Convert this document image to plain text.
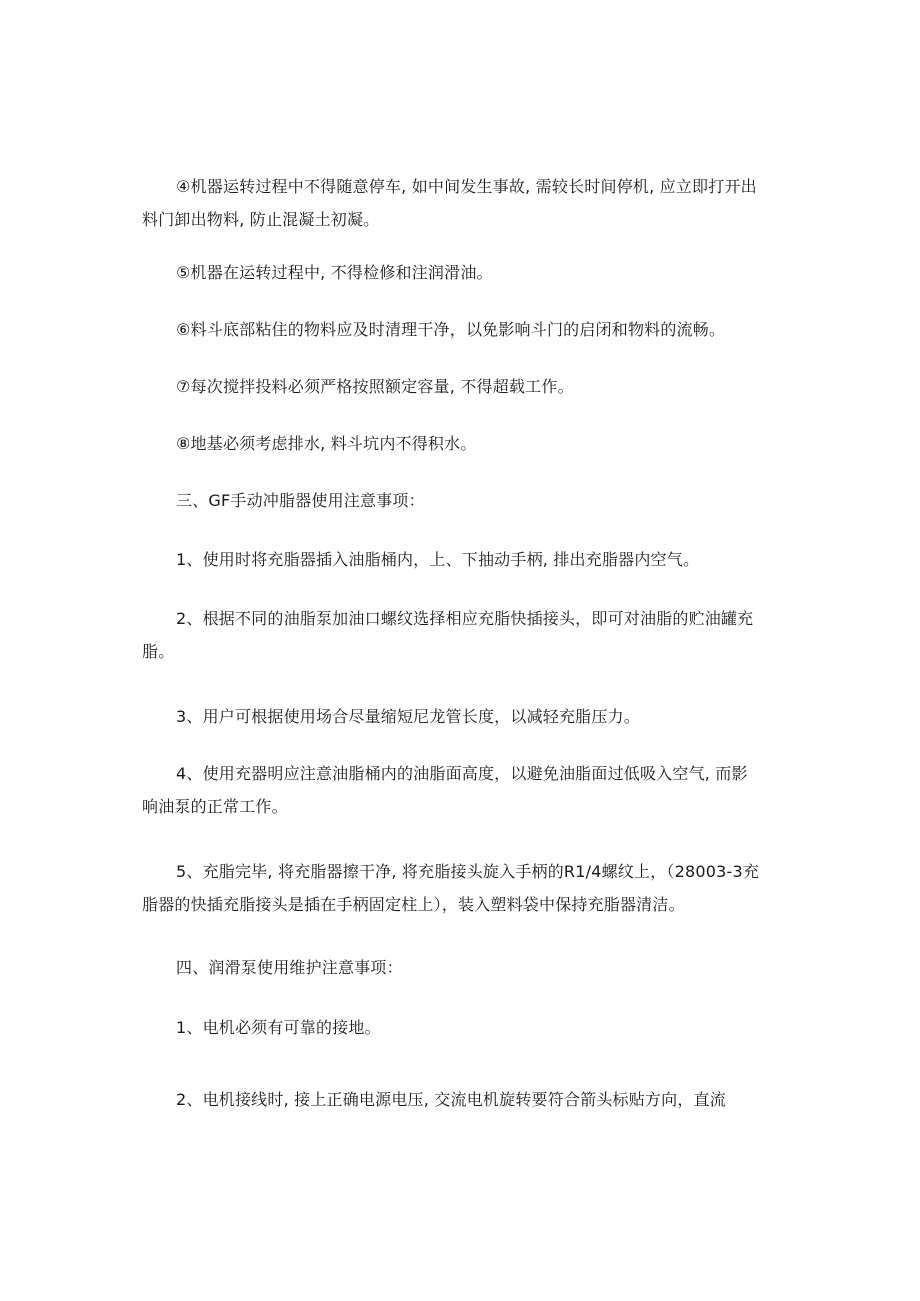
④机器运转过程中不得随意停车, 如中间发生事故, 需较长时间停机, 应立即打开出料门卸出物料, 防止混凝土初凝。

⑤机器在运转过程中, 不得检修和注润滑油。

⑥料斗底部粘住的物料应及时清理干净，以免影响斗门的启闭和物料的流畅。

⑦每次搅拌投料必须严格按照额定容量, 不得超载工作。

⑧地基必须考虑排水, 料斗坑内不得积水。

三、GF手动冲脂器使用注意事项：

1、使用时将充脂器插入油脂桶内，上、下抽动手柄, 排出充脂器内空气。

2、根据不同的油脂泵加油口螺纹选择相应充脂快插接头，即可对油脂的贮油罐充脂。

3、用户可根据使用场合尽量缩短尼龙管长度，以减轻充脂压力。

4、使用充器明应注意油脂桶内的油脂面高度，以避免油脂面过低吸入空气, 而影响油泵的正常工作。

5、充脂完毕, 将充脂器擦干净, 将充脂接头旋入手柄的R1/4螺纹上，（28003-3充脂器的快插充脂接头是插在手柄固定柱上），装入塑料袋中保持充脂器清洁。

四、润滑泵使用维护注意事项：

1、电机必须有可靠的接地。

2、电机接线时, 接上正确电源电压, 交流电机旋转要符合箭头标贴方向，直流
